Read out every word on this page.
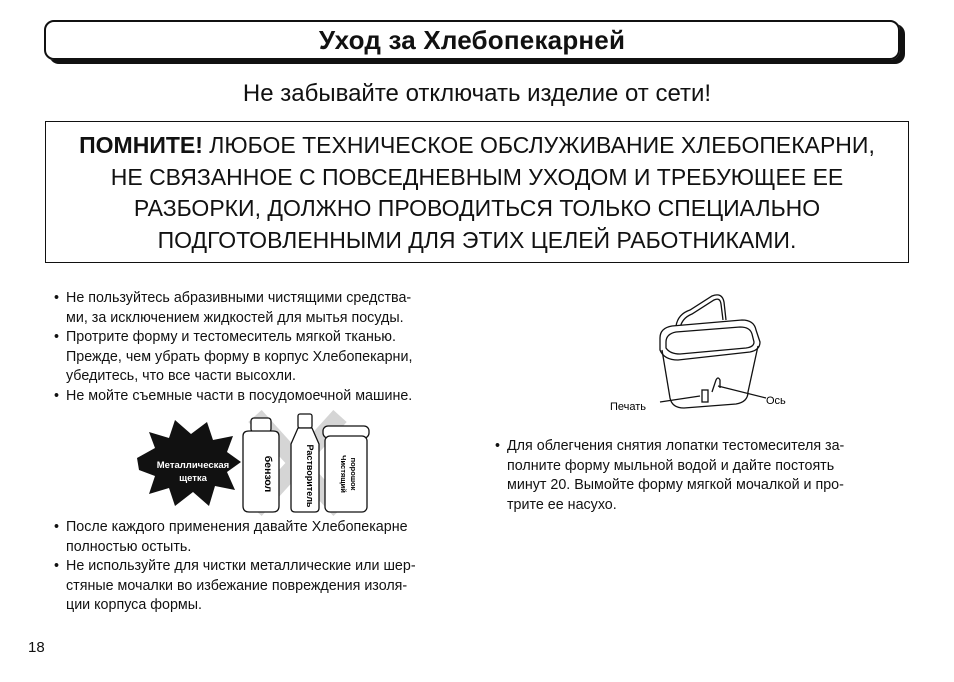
Уход за Хлебопекарней
Не забывайте отключать изделие от сети!
ПОМНИТЕ! ЛЮБОЕ ТЕХНИЧЕСКОЕ ОБСЛУЖИВАНИЕ ХЛЕБОПЕКАРНИ,
НЕ СВЯЗАННОЕ С ПОВСЕДНЕВНЫМ УХОДОМ И ТРЕБУЮЩЕЕ ЕЕ
РАЗБОРКИ, ДОЛЖНО ПРОВОДИТЬСЯ ТОЛЬКО СПЕЦИАЛЬНО
ПОДГОТОВЛЕННЫМИ ДЛЯ ЭТИХ ЦЕЛЕЙ РАБОТНИКАМИ.
• Не пользуйтесь абразивными чистящими средства-
ми, за исключением жидкостей для мытья посуды.
• Протрите форму и тестомеситель мягкой тканью.
Прежде, чем убрать форму в корпус Хлебопекарни,
убедитесь, что все части высохли.
• Не мойте съемные части в посудомоечной машине.
Металлическая
щетка	бензол	Растворитель	Чистящий порошок
• После каждого применения давайте Хлебопекарне
полностью остыть.
• Не используйте для чистки металлические или шер-
стяные мочалки во избежание повреждения изоля-
ции корпуса формы.
Печать	Ось
• Для облегчения снятия лопатки тестомесителя за-
полните форму мыльной водой и дайте постоять
минут 20. Вымойте форму мягкой мочалкой и про-
трите ее насухо.
18
